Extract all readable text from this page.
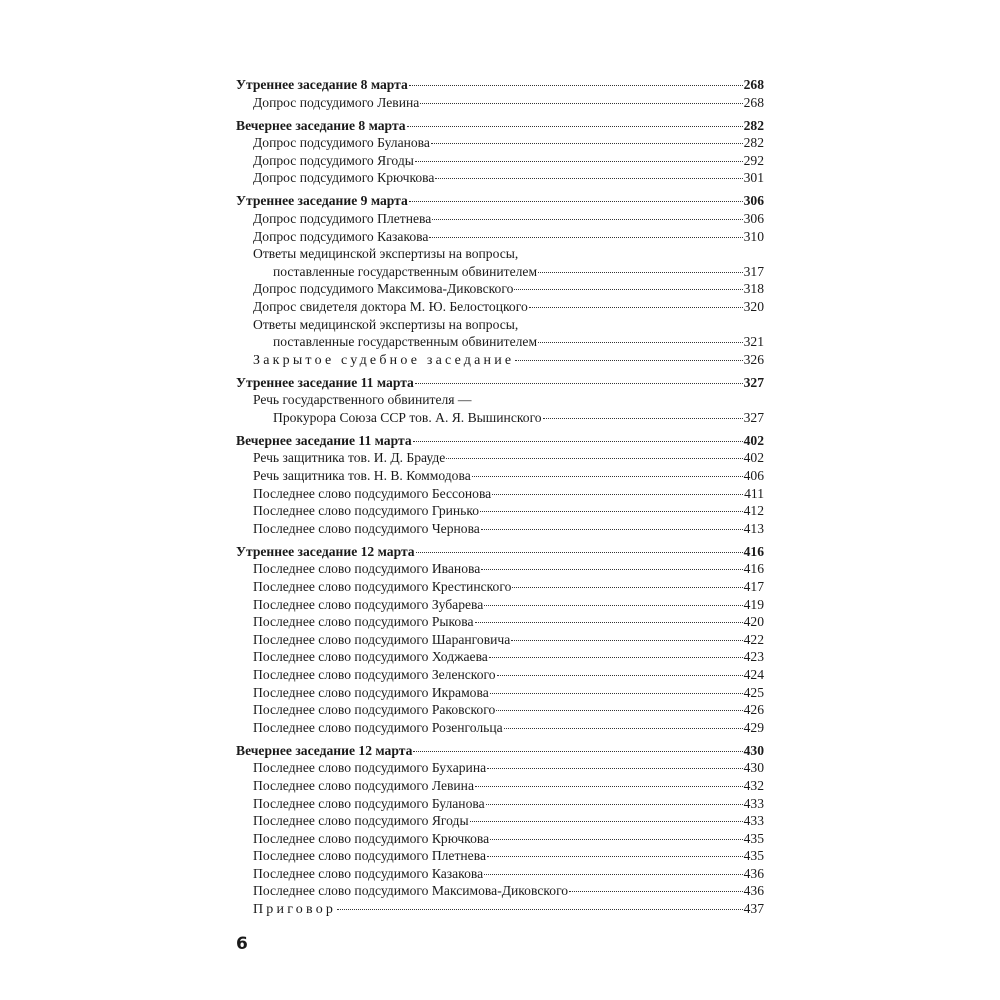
Утреннее заседание 8 марта	268
Допрос подсудимого Левина	268
Вечернее заседание 8 марта	282
Допрос подсудимого Буланова	282
Допрос подсудимого Ягоды	292
Допрос подсудимого Крючкова	301
Утреннее заседание 9 марта	306
Допрос подсудимого Плетнева	306
Допрос подсудимого Казакова	310
Ответы медицинской экспертизы на вопросы,
поставленные государственным обвинителем	317
Допрос подсудимого Максимова-Диковского	318
Допрос свидетеля доктора М. Ю. Белостоцкого	320
Ответы медицинской экспертизы на вопросы,
поставленные государственным обвинителем	321
Закрытое судебное заседание	326
Утреннее заседание 11 марта	327
Речь государственного обвинителя —
Прокурора Союза ССР тов. А. Я. Вышинского	327
Вечернее заседание 11 марта	402
Речь защитника тов. И. Д. Брауде	402
Речь защитника тов. Н. В. Коммодова	406
Последнее слово подсудимого Бессонова	411
Последнее слово подсудимого Гринько	412
Последнее слово подсудимого Чернова	413
Утреннее заседание 12 марта	416
Последнее слово подсудимого Иванова	416
Последнее слово подсудимого Крестинского	417
Последнее слово подсудимого Зубарева	419
Последнее слово подсудимого Рыкова	420
Последнее слово подсудимого Шаранговича	422
Последнее слово подсудимого Ходжаева	423
Последнее слово подсудимого Зеленского	424
Последнее слово подсудимого Икрамова	425
Последнее слово подсудимого Раковского	426
Последнее слово подсудимого Розенгольца	429
Вечернее заседание 12 марта	430
Последнее слово подсудимого Бухарина	430
Последнее слово подсудимого Левина	432
Последнее слово подсудимого Буланова	433
Последнее слово подсудимого Ягоды	433
Последнее слово подсудимого Крючкова	435
Последнее слово подсудимого Плетнева	435
Последнее слово подсудимого Казакова	436
Последнее слово подсудимого Максимова-Диковского	436
Приговор	437
6
